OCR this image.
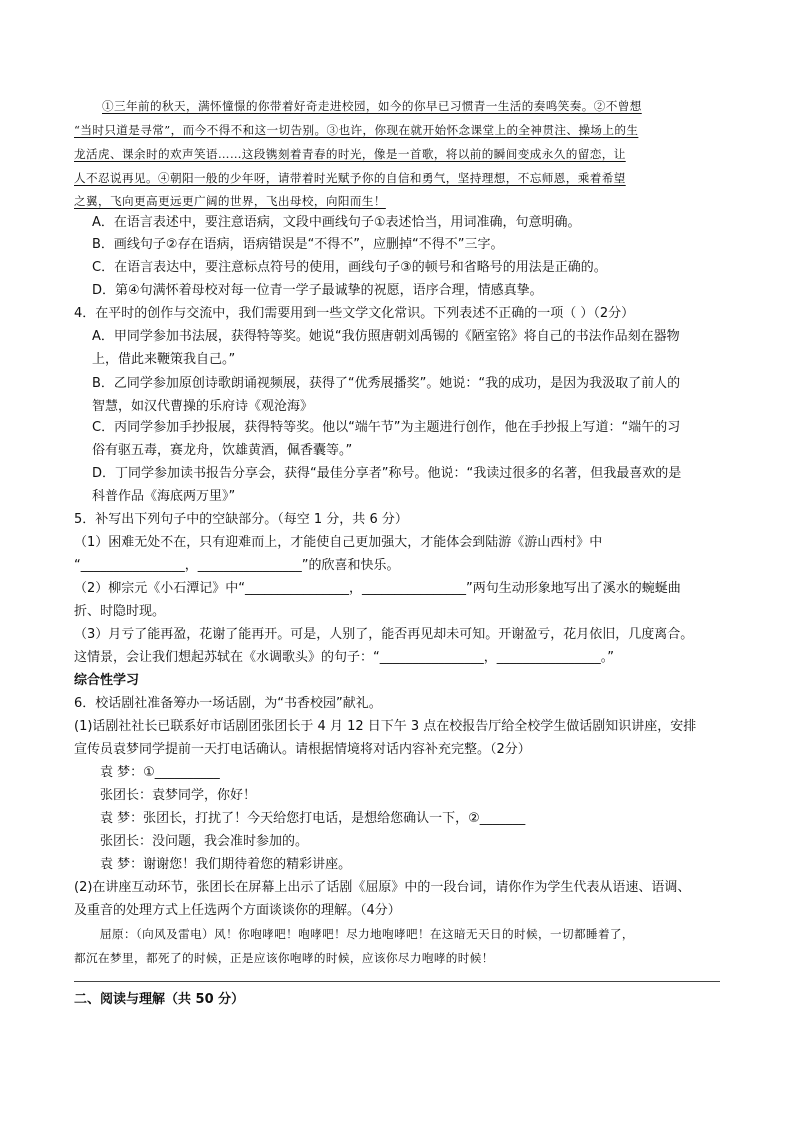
①三年前的秋天，满怀憧憬的你带着好奇走进校园，如今的你早已习惯青一生活的奏鸣笑奏。②不曾想
“当时只道是寻常”，而今不得不和这一切告别。③也许，你现在就开始怀念课堂上的全神贯注、操场上的生
龙活虎、课余时的欢声笑语……这段镌刻着青春的时光，像是一首歌，将以前的瞬间变成永久的留恋，让
人不忍说再见。④朝阳一般的少年呀，请带着时光赋予你的自信和勇气，坚持理想，不忘师恩，乘着希望
之翼，飞向更高更远更广阔的世界，飞出母校，向阳而生！
A．在语言表述中，要注意语病，文段中画线句子①表述恰当，用词准确，句意明确。
B．画线句子②存在语病，语病错误是“不得不”，应删掉“不得不”三字。
C．在语言表达中，要注意标点符号的使用，画线句子③的顿号和省略号的用法是正确的。
D．第④句满怀着母校对每一位青一学子最诚挚的祝愿，语序合理，情感真挚。
4．在平时的创作与交流中，我们需要用到一些文学文化常识。下列表述不正确的一项（ ）（2分）
A．甲同学参加书法展，获得特等奖。她说“我仿照唐朝刘禹锡的《陋室铭》将自己的书法作品刻在器物
上，借此来鞭策我自己。”
B．乙同学参加原创诗歌朗诵视频展，获得了“优秀展播奖”。她说：“我的成功，是因为我汲取了前人的
智慧，如汉代曹操的乐府诗《观沧海》
C．丙同学参加手抄报展，获得特等奖。他以“端午节”为主题进行创作，他在手抄报上写道：“端午的习
俗有驱五毒，赛龙舟，饮雄黄酒，佩香囊等。”
D．丁同学参加读书报告分享会，获得“最佳分享者”称号。他说：“我读过很多的名著，但我最喜欢的是
科普作品《海底两万里》”
5．补写出下列句子中的空缺部分。（每空 1 分，共 6 分）
（1）困难无处不在，只有迎难而上，才能使自己更加强大，才能体会到陆游《游山西村》中
“________________，________________”的欣喜和快乐。
（2）柳宗元《小石潭记》中“________________，________________”两句生动形象地写出了溪水的蜿蜒曲
折、时隐时现。
（3）月亏了能再盈，花谢了能再开。可是，人别了，能否再见却未可知。开谢盈亏，花月依旧，几度离合。
这情景，会让我们想起苏轼在《水调歌头》的句子：“________________，________________。”
综合性学习
6．校话剧社准备筹办一场话剧，为“书香校园”献礼。
(1)话剧社社长已联系好市话剧团张团长于 4 月 12 日下午 3 点在校报告厅给全校学生做话剧知识讲座，安排
宣传员袁梦同学提前一天打电话确认。请根据情境将对话内容补充完整。（2分）
袁 梦：①__________
张团长：袁梦同学，你好！
袁 梦：张团长，打扰了！今天给您打电话，是想给您确认一下，②_______
张团长：没问题，我会准时参加的。
袁 梦：谢谢您！我们期待着您的精彩讲座。
(2)在讲座互动环节，张团长在屏幕上出示了话剧《屈原》中的一段台词，请你作为学生代表从语速、语调、
及重音的处理方式上任选两个方面谈谈你的理解。（4分）
屈原：（向风及雷电）风！你咆哮吧！咆哮吧！尽力地咆哮吧！在这暗无天日的时候，一切都睡着了，
都沉在梦里，都死了的时候，正是应该你咆哮的时候，应该你尽力咆哮的时候！
二、阅读与理解（共 50 分）
